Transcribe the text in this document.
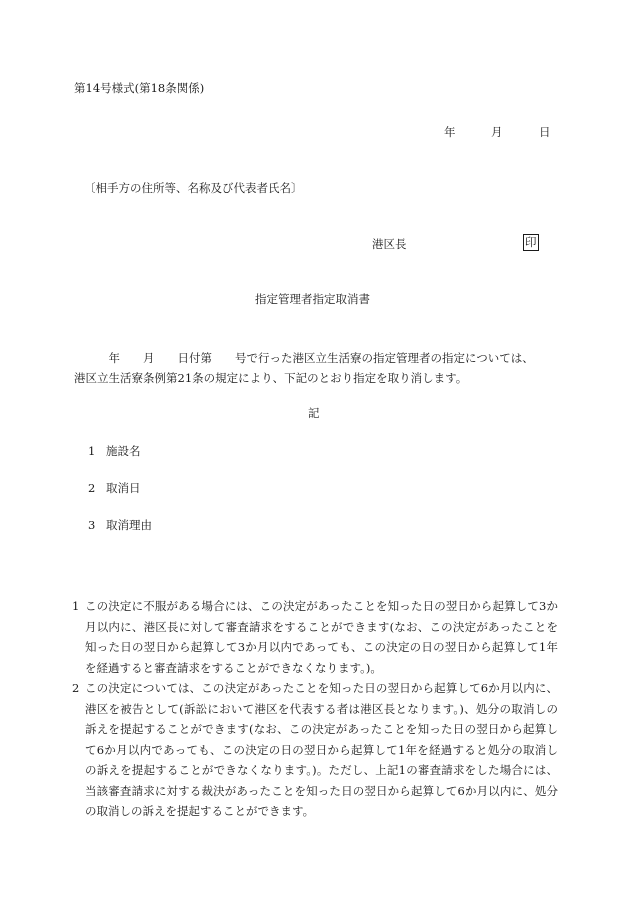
第14号様式(第18条関係)
年	月	日
〔相手方の住所等、名称及び代表者氏名〕
港区長	印
指定管理者指定取消書
　　　年　　月　　日付第　　号で行った港区立生活寮の指定管理者の指定については、
港区立生活寮条例第21条の規定により、下記のとおり指定を取り消します。
記
1 施設名
2 取消日
3 取消理由
1 この決定に不服がある場合には、この決定があったことを知った日の翌日から起算して3か月以内に、港区長に対して審査請求をすることができます(なお、この決定があったことを知った日の翌日から起算して3か月以内であっても、この決定の日の翌日から起算して1年を経過すると審査請求をすることができなくなります。)。
2 この決定については、この決定があったことを知った日の翌日から起算して6か月以内に、港区を被告として(訴訟において港区を代表する者は港区長となります。)、処分の取消しの訴えを提起することができます(なお、この決定があったことを知った日の翌日から起算して6か月以内であっても、この決定の日の翌日から起算して1年を経過すると処分の取消しの訴えを提起することができなくなります。)。ただし、上記1の審査請求をした場合には、当該審査請求に対する裁決があったことを知った日の翌日から起算して6か月以内に、処分の取消しの訴えを提起することができます。
